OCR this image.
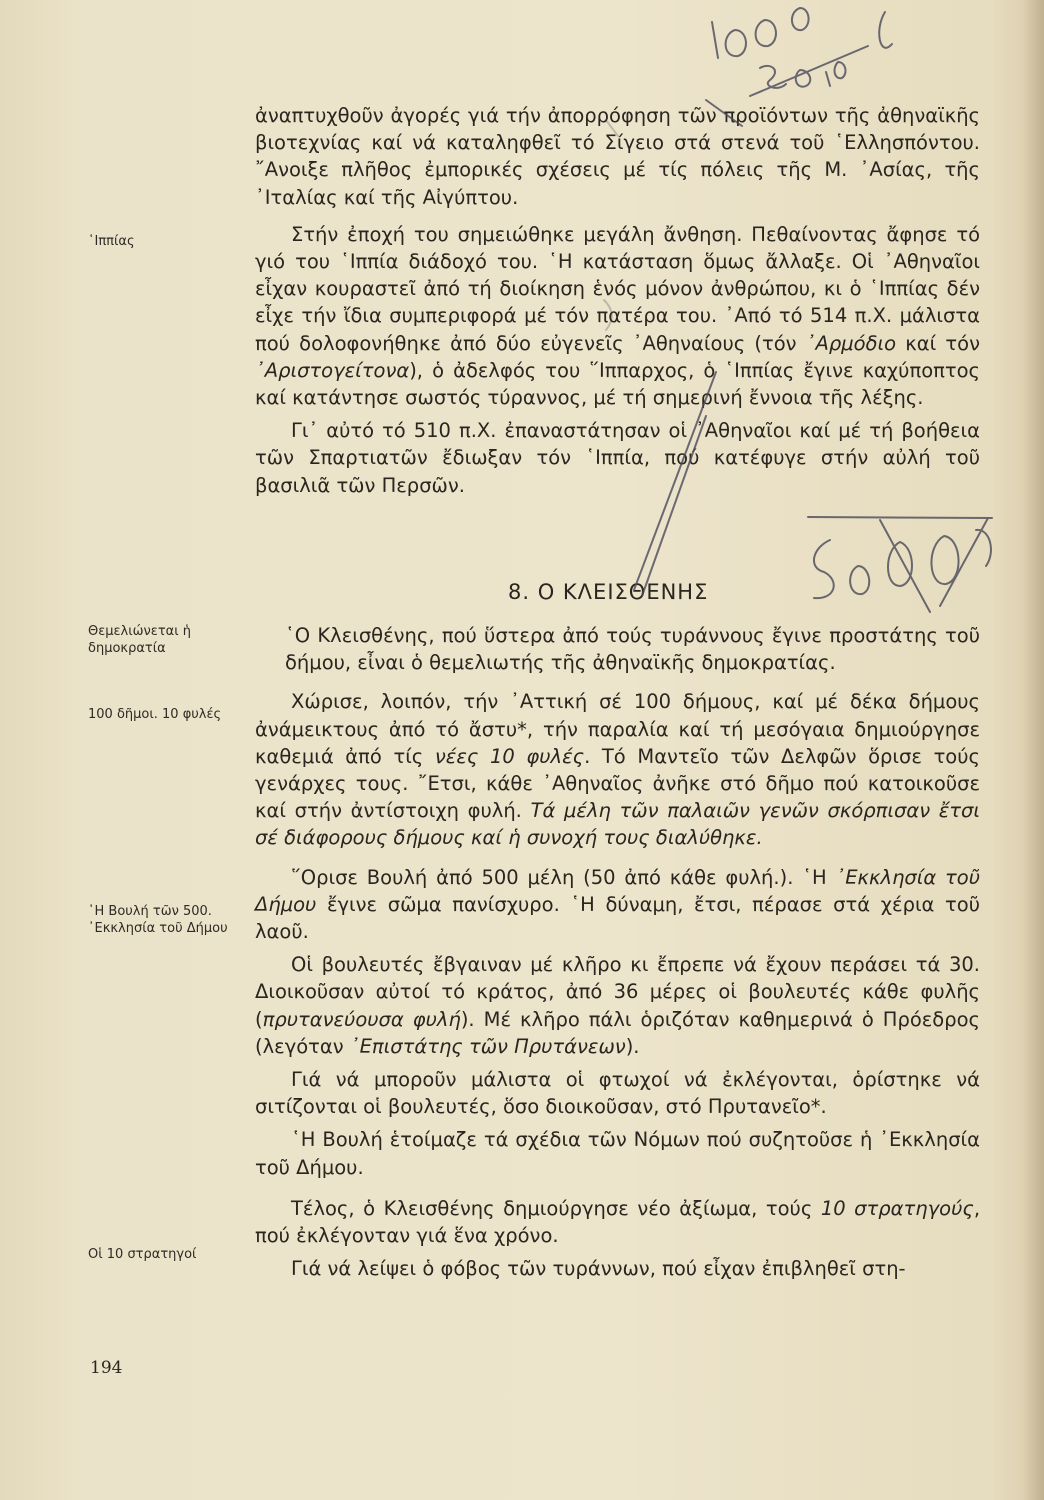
῾Ιππίας
Θεμελιώνεται ἡ δημοκρατία
100 δῆμοι. 10 φυλές
῾Η Βουλή τῶν 500. ᾿Εκκλησία τοῦ Δήμου
Οἱ 10 στρατηγοί

ἀναπτυχθοῦν ἀγορές γιά τήν ἀπορρόφηση τῶν προϊόντων τῆς ἀθηναϊκῆς βιοτεχνίας καί νά καταληφθεῖ τό Σίγειο στά στενά τοῦ ῾Ελλησπόντου. ῎Ανοιξε πλῆθος ἐμπορικές σχέσεις μέ τίς πόλεις τῆς Μ. ᾿Ασίας, τῆς ᾿Ιταλίας καί τῆς Αἰγύπτου.

Στήν ἐποχή του σημειώθηκε μεγάλη ἄνθηση. Πεθαίνοντας ἄφησε τό γιό του ῾Ιππία διάδοχό του. ῾Η κατάσταση ὅμως ἄλλαξε. Οἱ ᾿Αθηναῖοι εἶχαν κουραστεῖ ἀπό τή διοίκηση ἑνός μόνον ἀνθρώπου, κι ὁ ῾Ιππίας δέν εἶχε τήν ἴδια συμπεριφορά μέ τόν πατέρα του. ᾿Από τό 514 π.Χ. μάλιστα πού δολοφονήθηκε ἀπό δύο εὐγενεῖς ᾿Αθηναίους (τόν ᾿Αρμόδιο καί τόν ᾿Αριστογείτονα), ὁ ἀδελφός του ῞Ιππαρχος, ὁ ῾Ιππίας ἔγινε καχύποπτος καί κατάντησε σωστός τύραννος, μέ τή σημερινή ἔννοια τῆς λέξης.

Γι᾿ αὐτό τό 510 π.Χ. ἐπαναστάτησαν οἱ ᾿Αθηναῖοι καί μέ τή βοήθεια τῶν Σπαρτιατῶν ἔδιωξαν τόν ῾Ιππία, πού κατέφυγε στήν αὐλή τοῦ βασιλιᾶ τῶν Περσῶν.

8. Ο ΚΛΕΙΣΘΕΝΗΣ

῾Ο Κλεισθένης, πού ὕστερα ἀπό τούς τυράννους ἔγινε προστάτης τοῦ δήμου, εἶναι ὁ θεμελιωτής τῆς ἀθηναϊκῆς δημοκρατίας.

Χώρισε, λοιπόν, τήν ᾿Αττική σέ 100 δήμους, καί μέ δέκα δήμους ἀνάμεικτους ἀπό τό ἄστυ*, τήν παραλία καί τή μεσόγαια δημιούργησε καθεμιά ἀπό τίς νέες 10 φυλές. Τό Μαντεῖο τῶν Δελφῶν ὅρισε τούς γενάρχες τους. ῎Ετσι, κάθε ᾿Αθηναῖος ἀνῆκε στό δῆμο πού κατοικοῦσε καί στήν ἀντίστοιχη φυλή. Τά μέλη τῶν παλαιῶν γενῶν σκόρπισαν ἔτσι σέ διάφορους δήμους καί ἡ συνοχή τους διαλύθηκε.

῞Ορισε Βουλή ἀπό 500 μέλη (50 ἀπό κάθε φυλή.). ῾Η ᾿Εκκλησία τοῦ Δήμου ἔγινε σῶμα πανίσχυρο. ῾Η δύναμη, ἔτσι, πέρασε στά χέρια τοῦ λαοῦ.

Οἱ βουλευτές ἔβγαιναν μέ κλῆρο κι ἔπρεπε νά ἔχουν περάσει τά 30. Διοικοῦσαν αὐτοί τό κράτος, ἀπό 36 μέρες οἱ βουλευτές κάθε φυλῆς (πρυτανεύουσα φυλή). Μέ κλῆρο πάλι ὁριζόταν καθημερινά ὁ Πρόεδρος (λεγόταν ᾿Επιστάτης τῶν Πρυτάνεων).

Γιά νά μποροῦν μάλιστα οἱ φτωχοί νά ἐκλέγονται, ὁρίστηκε νά σιτίζονται οἱ βουλευτές, ὅσο διοικοῦσαν, στό Πρυτανεῖο*.

῾Η Βουλή ἑτοίμαζε τά σχέδια τῶν Νόμων πού συζητοῦσε ἡ ᾿Εκκλησία τοῦ Δήμου.

Τέλος, ὁ Κλεισθένης δημιούργησε νέο ἀξίωμα, τούς 10 στρατηγούς, πού ἐκλέγονταν γιά ἕνα χρόνο.

Γιά νά λείψει ὁ φόβος τῶν τυράννων, πού εἶχαν ἐπιβληθεῖ στη-

194
